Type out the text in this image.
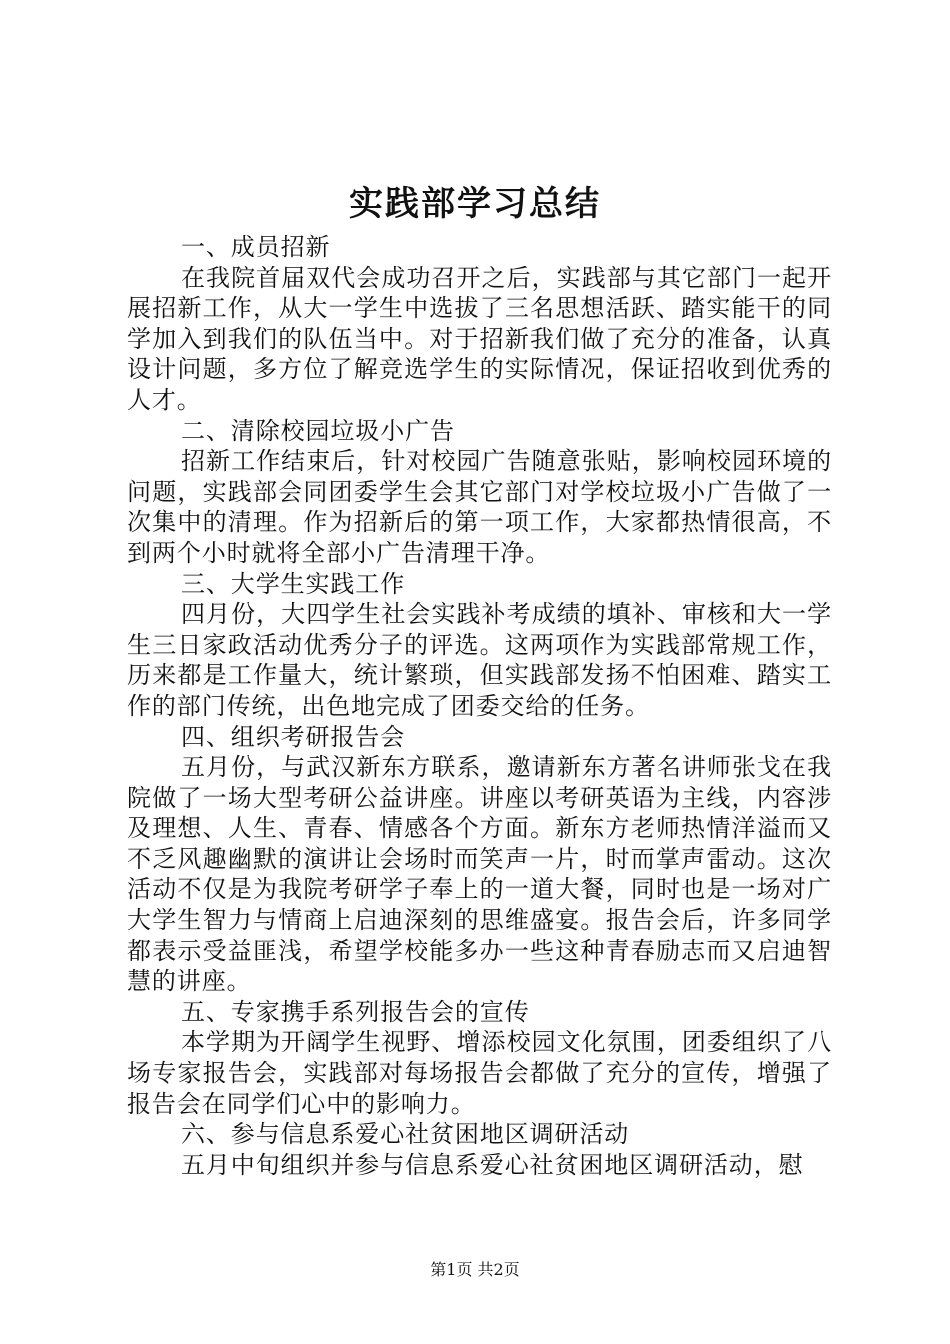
实践部学习总结

一、成员招新

在我院首届双代会成功召开之后，实践部与其它部门一起开展招新工作，从大一学生中选拔了三名思想活跃、踏实能干的同学加入到我们的队伍当中。对于招新我们做了充分的准备，认真设计问题，多方位了解竞选学生的实际情况，保证招收到优秀的人才。

二、清除校园垃圾小广告

招新工作结束后，针对校园广告随意张贴，影响校园环境的问题，实践部会同团委学生会其它部门对学校垃圾小广告做了一次集中的清理。作为招新后的第一项工作，大家都热情很高，不到两个小时就将全部小广告清理干净。

三、大学生实践工作

四月份，大四学生社会实践补考成绩的填补、审核和大一学生三日家政活动优秀分子的评选。这两项作为实践部常规工作，历来都是工作量大，统计繁琐，但实践部发扬不怕困难、踏实工作的部门传统，出色地完成了团委交给的任务。

四、组织考研报告会

五月份，与武汉新东方联系，邀请新东方著名讲师张戈在我院做了一场大型考研公益讲座。讲座以考研英语为主线，内容涉及理想、人生、青春、情感各个方面。新东方老师热情洋溢而又不乏风趣幽默的演讲让会场时而笑声一片，时而掌声雷动。这次活动不仅是为我院考研学子奉上的一道大餐，同时也是一场对广大学生智力与情商上启迪深刻的思维盛宴。报告会后，许多同学都表示受益匪浅，希望学校能多办一些这种青春励志而又启迪智慧的讲座。

五、专家携手系列报告会的宣传

本学期为开阔学生视野、增添校园文化氛围，团委组织了八场专家报告会，实践部对每场报告会都做了充分的宣传，增强了报告会在同学们心中的影响力。

六、参与信息系爱心社贫困地区调研活动

五月中旬组织并参与信息系爱心社贫困地区调研活动，慰

第1页 共2页
